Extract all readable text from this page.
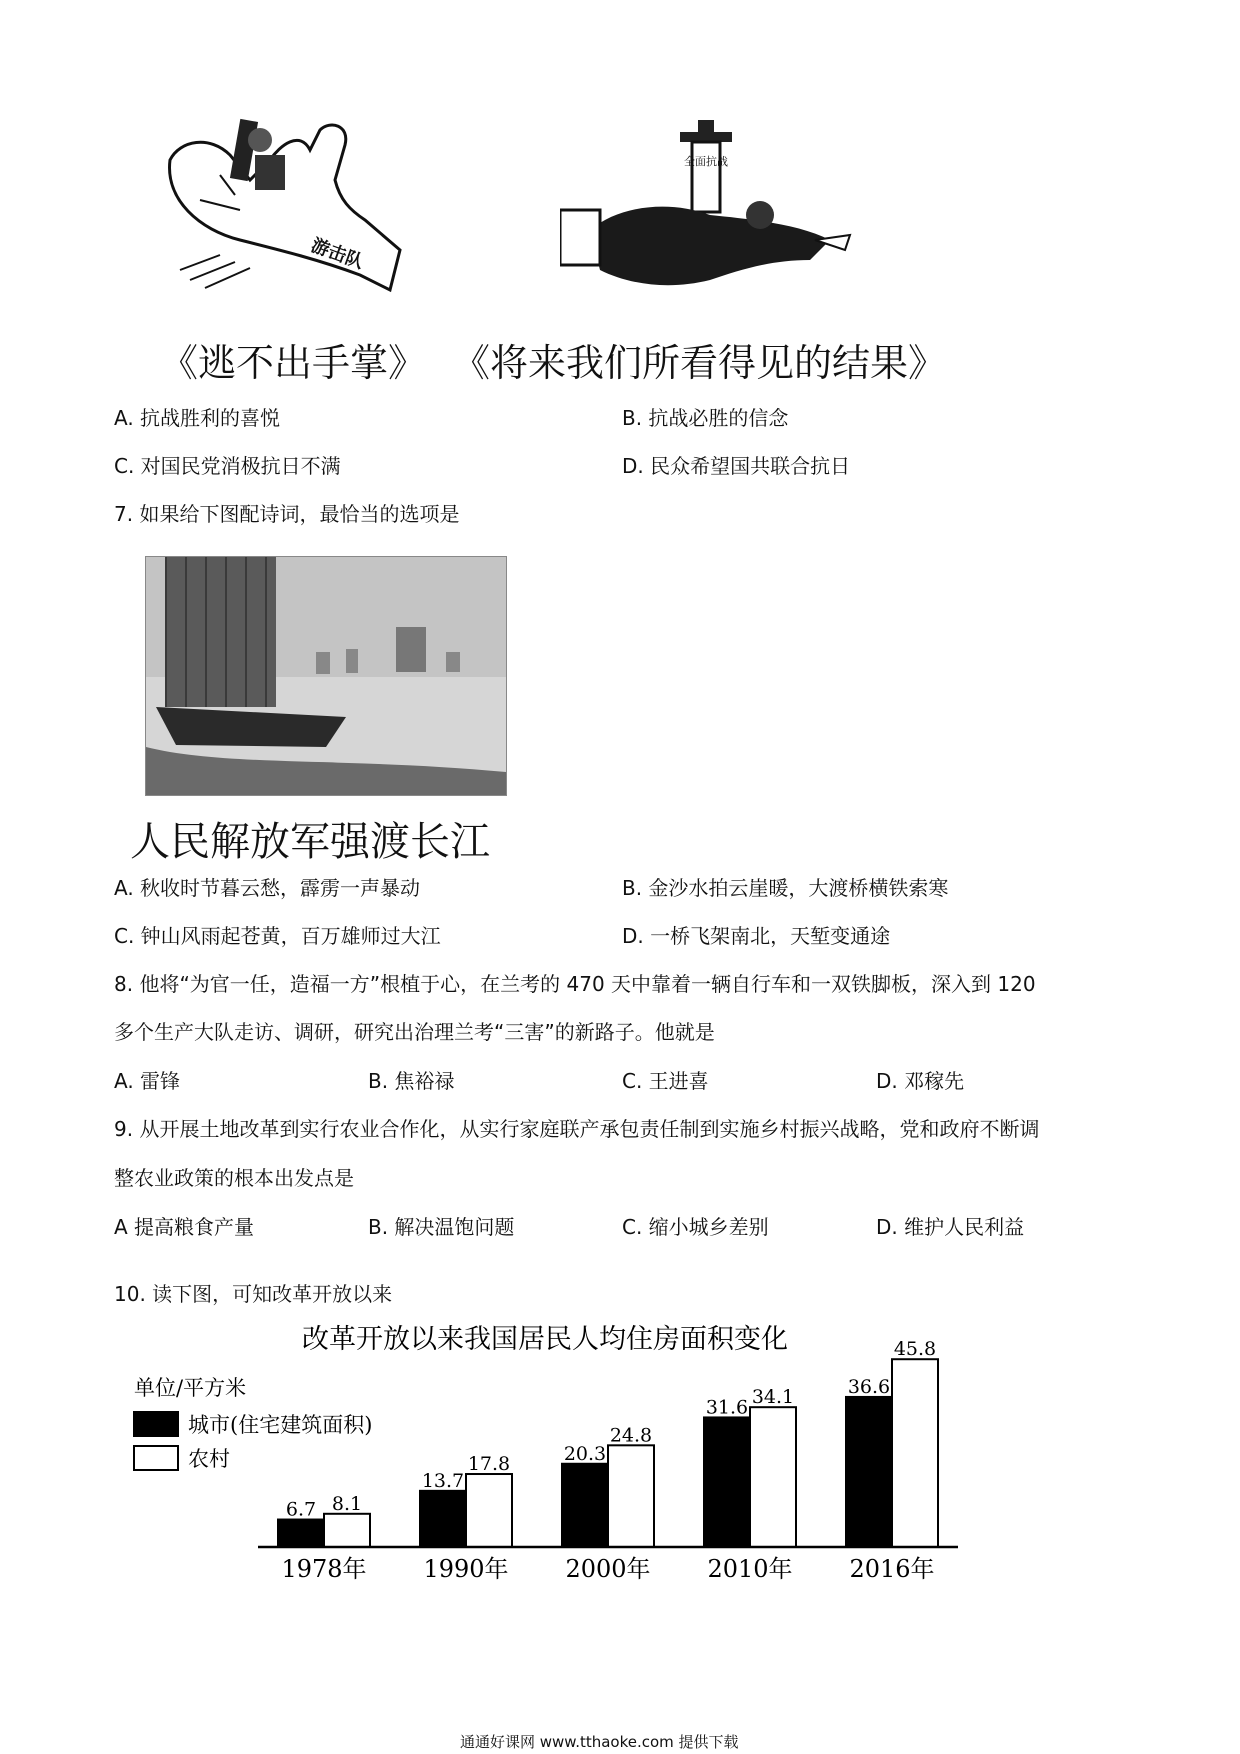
游击队
全面抗战
《逃不出手掌》 《将来我们所看得见的结果》
A. 抗战胜利的喜悦	B. 抗战必胜的信念
C. 对国民党消极抗日不满	D. 民众希望国共联合抗日
7. 如果给下图配诗词，最恰当的选项是
人民解放军强渡长江
A. 秋收时节暮云愁，霹雳一声暴动	B. 金沙水拍云崖暖，大渡桥横铁索寒
C. 钟山风雨起苍黄，百万雄师过大江	D. 一桥飞架南北，天堑变通途
8. 他将“为官一任，造福一方”根植于心，在兰考的 470 天中靠着一辆自行车和一双铁脚板，深入到 120
多个生产大队走访、调研，研究出治理兰考“三害”的新路子。他就是
A. 雷锋	B. 焦裕禄	C. 王进喜	D. 邓稼先
9. 从开展土地改革到实行农业合作化，从实行家庭联产承包责任制到实施乡村振兴战略，党和政府不断调
整农业政策的根本出发点是
A 提高粮食产量	B. 解决温饱问题	C. 缩小城乡差别	D. 维护人民利益
10. 读下图，可知改革开放以来
改革开放以来我国居民人均住房面积变化
单位/平方米
城市(住宅建筑面积)
农村
6.7 8.1
13.7
17.8	20.3
24.8
31.6 34.1	36.6
45.8
1978年 1990年 2000年 2010年 2016年
通通好课网 www.tthaoke.com 提供下载
